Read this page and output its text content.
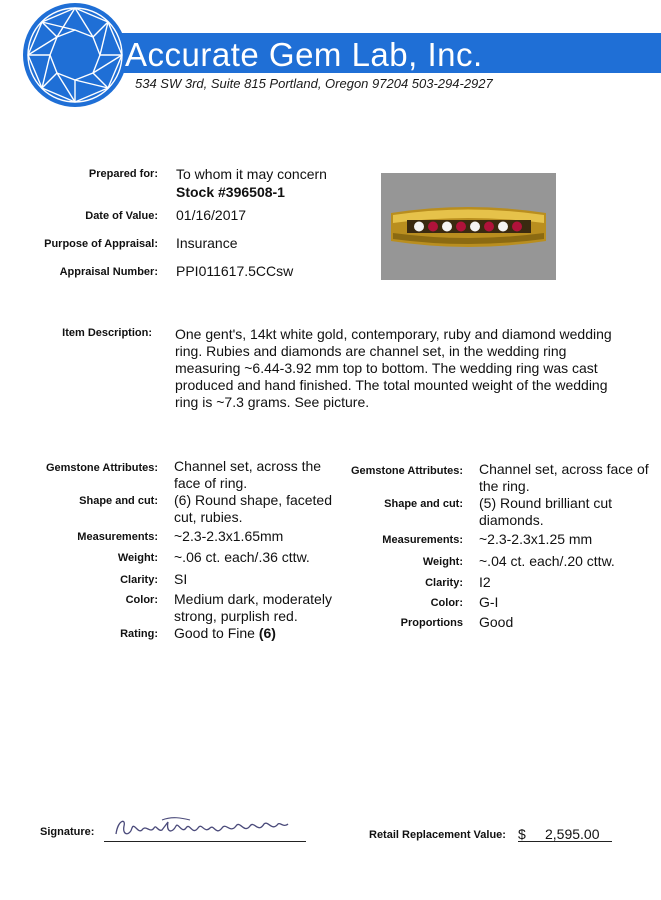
Accurate Gem Lab, Inc.
534 SW 3rd, Suite 815 Portland, Oregon 97204 503-294-2927
Prepared for: To whom it may concern
Stock #396508-1
Date of Value: 01/16/2017
Purpose of Appraisal: Insurance
Appraisal Number: PPI011617.5CCsw
Item Description: One gent's, 14kt white gold, contemporary, ruby and diamond wedding ring. Rubies and diamonds are channel set, in the wedding ring measuring ~6.44-3.92 mm top to bottom. The wedding ring was cast produced and hand finished. The total mounted weight of the wedding ring is ~7.3 grams. See picture.
Gemstone Attributes: Channel set, across the face of ring.
Shape and cut: (6) Round shape, faceted cut, rubies.
Measurements: ~2.3-2.3x1.65mm
Weight: ~.06 ct. each/.36 cttw.
Clarity: SI
Color: Medium dark, moderately strong, purplish red.
Rating: Good to Fine (6)
Gemstone Attributes: Channel set, across face of the ring.
Shape and cut: (5) Round brilliant cut diamonds.
Measurements: ~2.3-2.3x1.25 mm
Weight: ~.04 ct. each/.20 cttw.
Clarity: I2
Color: G-I
Proportions Good
Signature:	Retail Replacement Value: $ 2,595.00
